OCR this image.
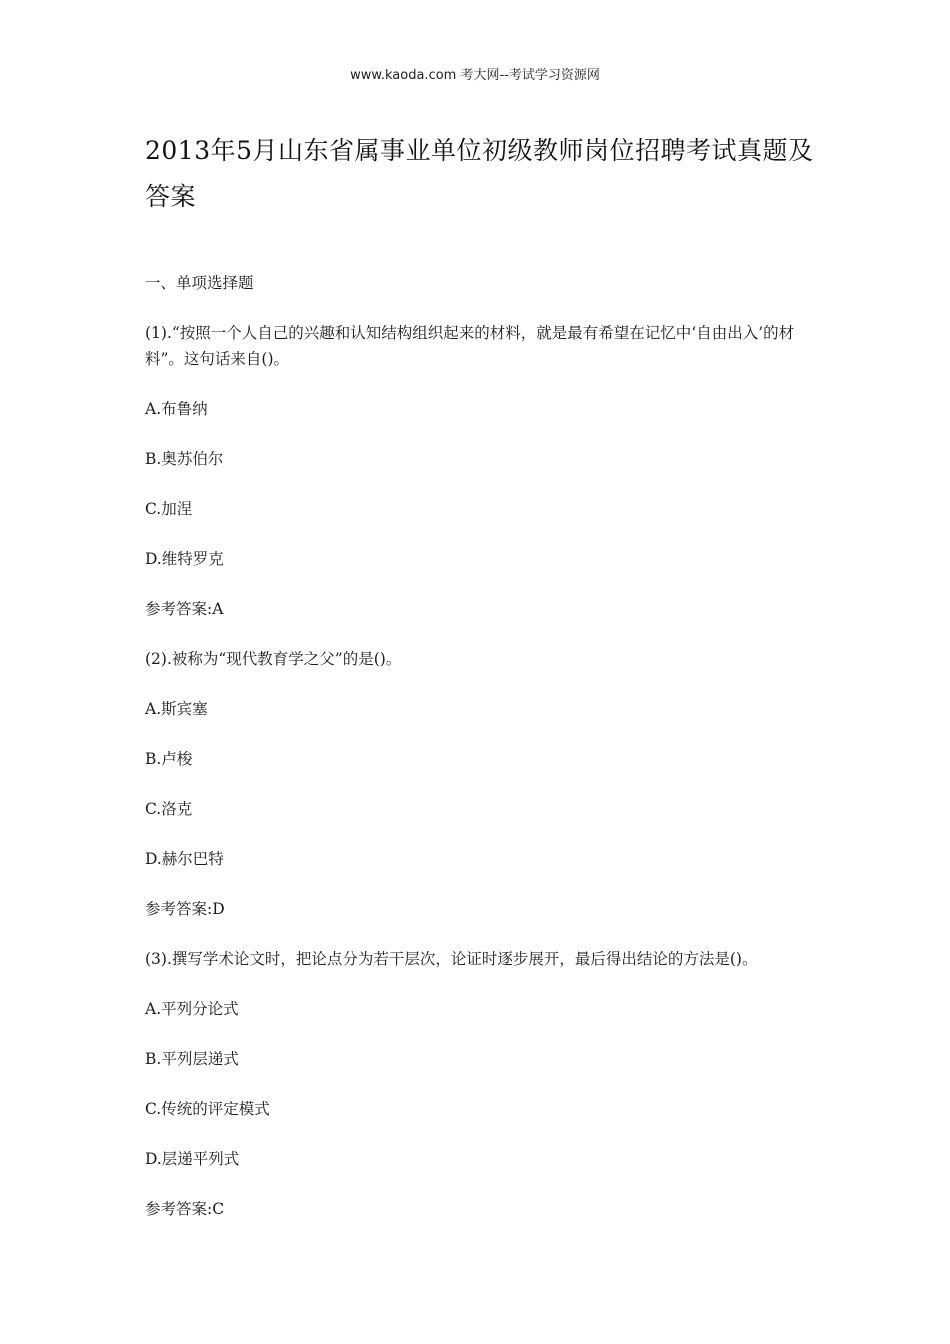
www.kaoda.com 考大网--考试学习资源网
2013年5月山东省属事业单位初级教师岗位招聘考试真题及答案

一、单项选择题

(1).“按照一个人自己的兴趣和认知结构组织起来的材料，就是最有希望在记忆中‘自由出入’的材料”。这句话来自()。

A.布鲁纳

B.奥苏伯尔

C.加涅

D.维特罗克

参考答案:A

(2).被称为“现代教育学之父”的是()。

A.斯宾塞

B.卢梭

C.洛克

D.赫尔巴特

参考答案:D

(3).撰写学术论文时，把论点分为若干层次，论证时逐步展开，最后得出结论的方法是()。

A.平列分论式

B.平列层递式

C.传统的评定模式

D.层递平列式

参考答案:C
